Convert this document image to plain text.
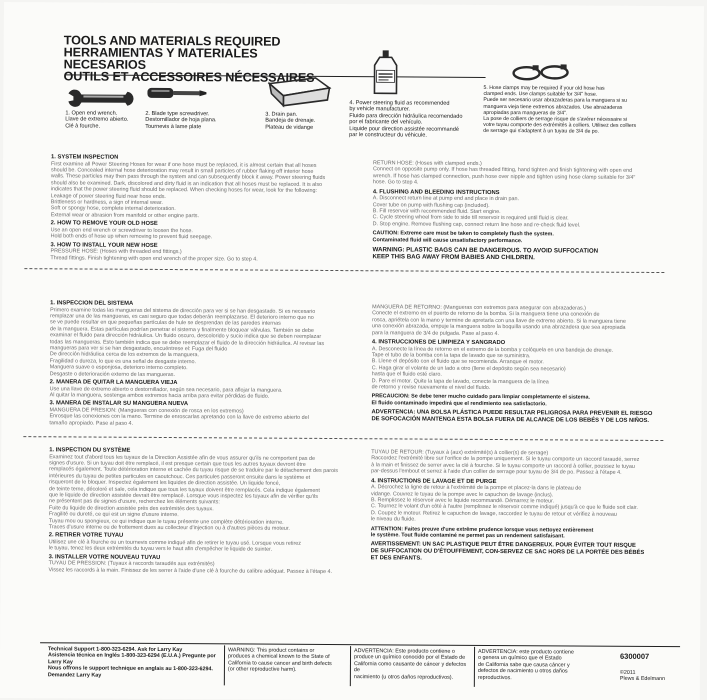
TOOLS AND MATERIALS REQUIRED
HERRAMIENTAS Y MATERIALES NECESARIOS
OUTILS ET ACCESSOIRES NÉCESSAIRES
1. Open end wrench.
Llave de extremo abierto.
Clé à fourche.
2. Blade type screwdriver.
Destornillador de hoja plana.
Tournevis à lame plate
3. Drain pan.
Bandeja de drenaje.
Plateau de vidange
4. Power steering fluid as recommended
by vehicle manufacturer.
Fluido para dirección hidráulica recomendado
por el fabricante del vehículo.
Liquide pour direction assistée recommandé
par le constructeur du véhicule.
5. Hose clamps may be required if your old hose has
clamped ends. Use clamps suitable for 3/4" hose.
Puede ser necesario usar abrazaderas para la manguera si su
manguera vieja tiene extremos abrazados. Use abrazaderas
apropiadas para mangueras de 3/4".
La pose de colliers de serrage risque de s'avérer nécessaire si
votre tuyau comporte des extrémités à colliers. Utilisez des colliers
de serrage qui s'adaptent à un tuyau de 3/4 de po.
1. SYSTEM INSPECTION
First examine all Power Steering Hoses for wear if one hose must be replaced, it is almost certain that all hoses
should be. Concealed internal hose deterioration may result in small particles of rubber flaking off interior hose
walls. These particles may then pass through the system and can subsequently block it away. Power steering fluids
should also be examined. Dark, discolored and dirty fluid is an indication that all hoses must be replaced. It is also
indicates that the power steering fluid should be replaced. When checking hoses for wear, look for the following:
Leakage of power steering fluid near hose ends.
Brittleness or hardness, a sign of internal wear.
Soft or spongy hose, complete internal deterioration.
External wear or abrasion from manifold or other engine parts.
2. HOW TO REMOVE YOUR OLD HOSE
Use an open end wrench or screwdriver to loosen the hose.
Hold both ends of hose up when removing to prevent fluid seepage.
3. HOW TO INSTALL YOUR NEW HOSE
PRESSURE HOSE: (Hoses with threaded end fittings.)
Thread fittings. Finish tightening with open end wrench of the proper size. Go to step 4.
RETURN HOSE: (Hoses with clamped ends.)
Connect on opposite pump only. If hose has threaded fitting, hand tighten and finish tightening with open end
wrench. If hose has clamped connection, push hose over nipple and tighten using hose clamp suitable for 3/4"
hose. Go to step 4.
4. FLUSHING AND BLEEDING INSTRUCTIONS
A. Disconnect return line at pump end and place in drain pan.
Cover tube on pump with flushing cap (included).
B. Fill reservoir with recommended fluid. Start engine.
C. Cycle steering wheel from side to side till reservoir is required until fluid is clear.
D. Stop engine. Remove flushing cap, connect return line hose and re-check fluid level.
CAUTION: Extreme care must be taken to completely flush the system.
Contaminated fluid will cause unsatisfactory performance.
WARNING: PLASTIC BAGS CAN BE DANGEROUS. TO AVOID SUFFOCATION
KEEP THIS BAG AWAY FROM BABIES AND CHILDREN.
1. INSPECCION DEL SISTEMA
Primero examine todas las mangueras del sistema de dirección para ver si se han desgastado. Si es necesario
remplazar una de las mangueras, es casi seguro que todas deberán reemplazarse. El deterioro interno que no
se ve puede resultar en que pequeñas partículas de hule se desprendan de las paredes internas
de la manguera. Estas partículas podrían penetrar el sistema y finalmente bloquear válvulas. También se debe
examinar el fluido para dirección hidráulica. Un fluido oscuro, descolorido y sucio indica que se deben reemplazar
todas las mangueras. Esto también indica que se debe reemplazar el fluido de la dirección hidráulica. Al revisar las
mangueras para ver si se han desgastado, encuéntrese el: Fuga del fluido
De dirección hidráulica cerca de los extremos de la manguera.
Fragilidad o dureza, lo que es una señal de desgaste interno.
Manguera suave o esponjosa, deterioro interno completo.
Desgaste o deterioración externo de las mangueras.
2. MANERA DE QUITAR LA MANGUERA VIEJA
Use una llave de extremo abierto o destornillador, según sea necesario, para aflojar la manguera.
Al quitar la manguera, sostenga ambos extremos hacia arriba para evitar pérdidas de fluido.
3. MANERA DE INSTALAR SU MANGUERA NUEVA
MANGUERA DE PRESION: (Mangueras con conexión de rosca en los extremos)
Enrosque las conexiones con la mano. Termine de enroscarlas apretando con la llave de extremo abierto del
tamaño apropiado. Pase al paso 4.
MANGUERA DE RETORNO: (Mangueras con extremos para asegurar con abrazaderas.)
Conecte el extremo en el puerto de retorno de la bomba. Si la manguera tiene una conexión de
rosca, apriétela con la mano y termine de apretarla con una llave de extremo abierto. Si la manguera tiene
una conexión abrazada, empuje la manguera sobre la boquilla usando una abrazadera que sea apropiada
para la manguera de 3/4 de pulgada. Pase al paso 4.
4. INSTRUCCIONES DE LIMPIEZA Y SANGRADO
A. Desconecte la línea de retorno en el extremo de la bomba y colóquela en una bandeja de drenaje.
Tape el tubo de la bomba con la tapa de lavado que se suministra.
B. Llene el depósito con el fluido que se recomienda. Arranque el motor.
C. Haga girar el volante de un lado a otro (llene el depósito según sea necesario)
hasta que el fluido esté claro.
D. Pare el motor. Quite la tapa de lavado, conecte la manguera de la línea
de retorno y revise nuevamente el nivel del fluido.
PRECAUCION: Se debe tener mucho cuidado para limpiar completamente el sistema.
El fluido contaminado impedirá que el rendimiento sea satisfactorio.
ADVERTENCIA: UNA BOLSA PLÁSTICA PUEDE RESULTAR PELIGROSA PARA PREVENIR EL RIESGO
DE SOFOCACIÓN MANTENGA ESTA BOLSA FUERA DE ALCANCE DE LOS BEBÉS Y DE LOS NIÑOS.
1. INSPECTION DU SYSTÈME
Examinez tout d'abord tous les tuyaux de la Direction Assistée afin de vous assurer qu'ils ne comportent pas de
signes d'usure. Si un tuyau doit être remplacé, il est presque certain que tous les autres tuyaux devront être
remplacés également. Toute détérioration interne et cachée du tuyau risque de se traduire par le détachement des parois
intérieures du tuyau de petites particules en caoutchouc. Ces particules passeront ensuite dans le système et
risqueront de le bloquer. Inspectez également les liquides de direction assistée. Un liquide foncé,
de teinte terne, décoloré et sale, cela indique que tous les tuyaux doivent être remplacés. Cela indique également
que le liquide de direction assistée devrait être remplacé. Lorsque vous inspectez les tuyaux afin de vérifier qu'ils
ne présentent pas de signes d'usure, recherchez les éléments suivants:
Fuite du liquide de direction assistée près des extrémités des tuyaux.
Fragilité ou dureté, ce qui est un signe d'usure interne.
Tuyau mou ou spongieux, ce qui indique que le tuyau présente une complète détérioration interne.
Traces d'usure interne ou de frottement dues au collecteur d'injection ou à d'autres pièces du moteur.
2. RETIRER VOTRE TUYAU
Utilisez une clé à fourche ou un tournevis comme indiqué afin de retirer le tuyau usé. Lorsque vous retirez
le tuyau, tenez les deux extrémités du tuyau vers le haut afin d'empêcher le liquide de suinter.
3. INSTALLER VOTRE NOUVEAU TUYAU
TUYAU DE PRESSION: (Tuyaux à raccords taraudés aux extrémités)
Vissez les raccords à la main. Finissez de les serrer à l'aide d'une clé à fourche du calibre adéquat. Passez à l'étape 4.
TUYAU DE RETOUR: (Tuyaux à (aux) extrémité(s) à collier(s) de serrage)
Raccordez l'extrémité libre sur l'orifice de la pompe uniquement. Si le tuyau comporte un raccord taraudé, serrez
à la main et finissez de serrer avec la clé à fourche. Si le tuyau comporte un raccord à collier, poussez le tuyau
par-dessus l'embout et serrez à l'aide d'un collier de serrage pour tuyau de 3/4 de po. Passez à l'étape 4.
4. INSTRUCTIONS DE LAVAGE ET DE PURGE
A. Décrochez la ligne de retour à l'extrémité de la pompe et placez-la dans le plateau de
vidange. Couvrez le tuyau de la pompe avec le capuchon de lavage (inclus).
B. Remplissez le réservoir avec le liquide recommandé. Démarrez le moteur.
C. Tournez le volant d'un côté à l'autre (remplissez le réservoir comme indiqué) jusqu'à ce que le fluide soit clair.
D. Coupez le moteur. Retirez le capuchon de lavage, raccordez le tuyau de retour et vérifiez à nouveau
le niveau du fluide.
ATTENTION: Faites preuve d'une extrême prudence lorsque vous nettoyez entièrement
le système. Tout fluide contaminé ne permet pas un rendement satisfaisant.
AVERTISSEMENT: UN SAC PLASTIQUE PEUT ÊTRE DANGEREUX. POUR ÉVITER TOUT RISQUE
DE SUFFOCATION OU D'ÉTOUFFEMENT, CON-SERVEZ CE SAC HORS DE LA PORTÉE DES BÉBÉS
ET DES ENFANTS.
Technical Support 1-800-323-6294. Ask for Larry Kay
Asistencia técnica en Inglés 1-800-323-6294 (E.U.A.) Pregunte por Larry Kay
Nous offrons le support technique en anglais au 1-800-323-6294.
Demandez Larry Kay
WARNING: This product contains or
produces a chemical known to the State of
California to cause cancer and birth defects
(or other reproductive harm).
ADVERTENCIA: Este producto contiene o
produce un químico conocido por el Estado de
California como causante de cáncer y defectos de
nacimiento (u otros daños reproductivos).
ADVERTENCIA: este producto contiene
o genera un químico que el Estado
de California sabe que causa cáncer y
defectos de nacimiento u otros daños
reproductivos.
6300007
©2011
Plews & Edelmann
